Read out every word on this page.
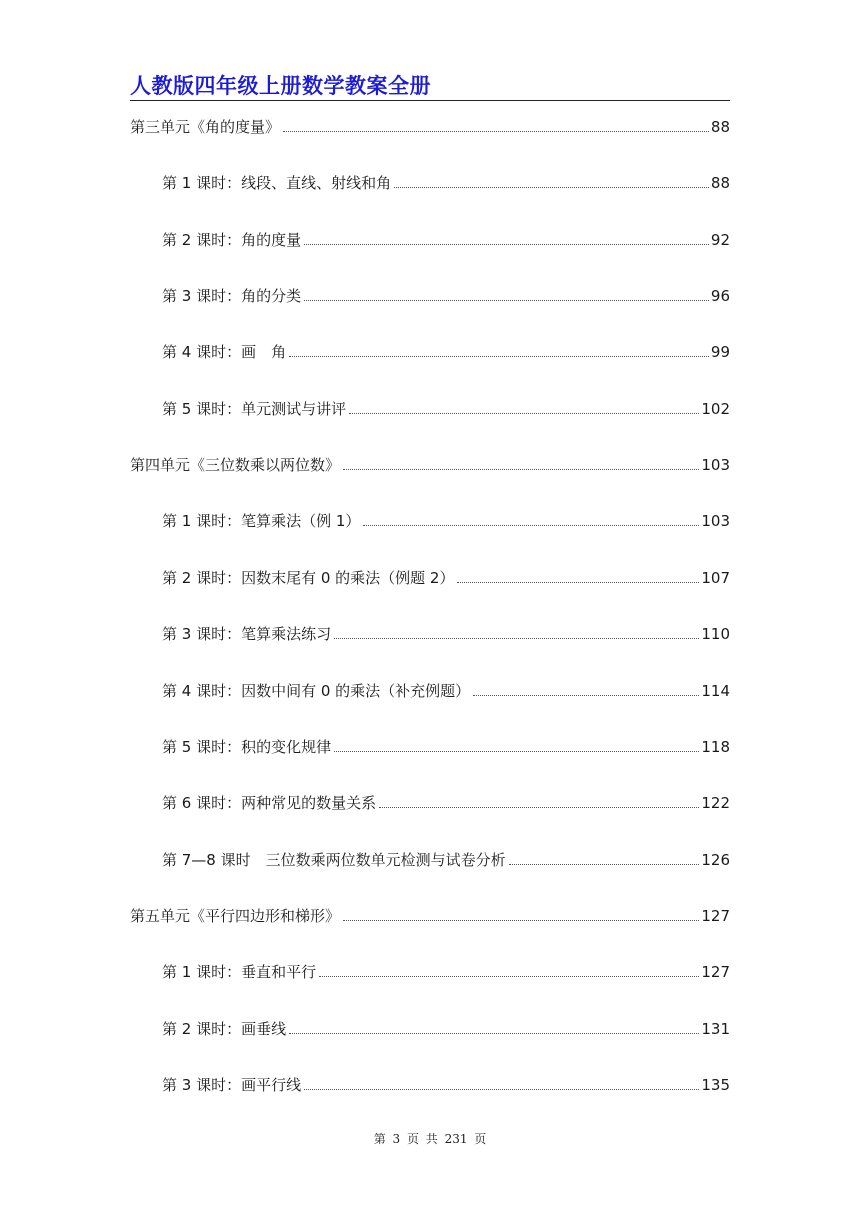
人教版四年级上册数学教案全册
第三单元《角的度量》	88
第 1 课时：线段、直线、射线和角	88
第 2 课时：角的度量	92
第 3 课时：角的分类	96
第 4 课时：画　角	99
第 5 课时：单元测试与讲评	102
第四单元《三位数乘以两位数》	103
第 1 课时：笔算乘法（例 1）	103
第 2 课时：因数末尾有 0 的乘法（例题 2）	107
第 3 课时：笔算乘法练习	110
第 4 课时：因数中间有 0 的乘法（补充例题）	114
第 5 课时：积的变化规律	118
第 6 课时：两种常见的数量关系	122
第 7—8 课时　三位数乘两位数单元检测与试卷分析	126
第五单元《平行四边形和梯形》	127
第 1 课时：垂直和平行	127
第 2 课时：画垂线	131
第 3 课时：画平行线	135
第 3 页 共 231 页
